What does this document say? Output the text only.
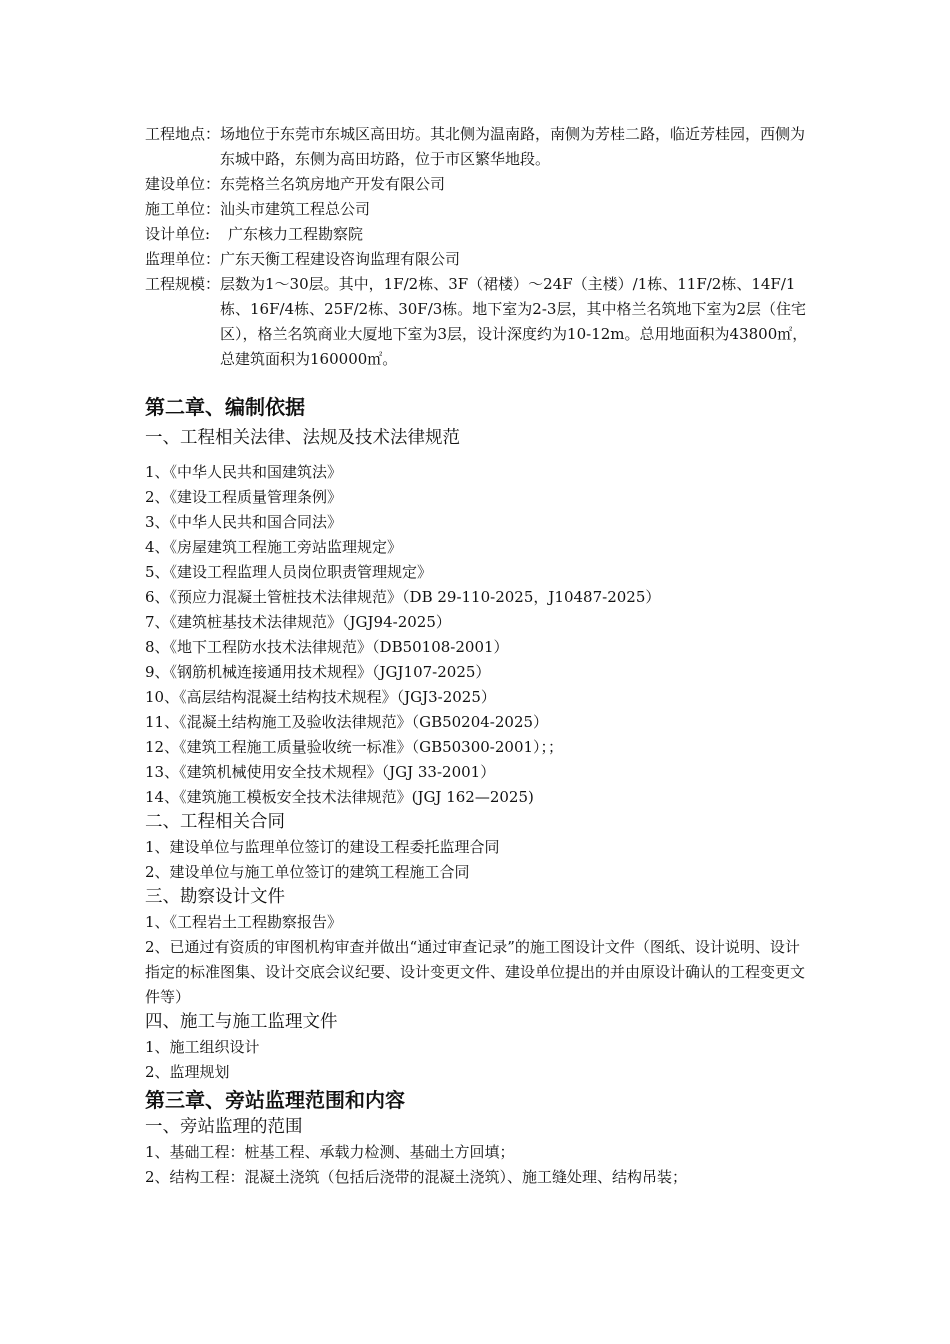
工程地点： 场地位于东莞市东城区高田坊。其北侧为温南路，南侧为芳桂二路，临近芳桂园，西侧为东城中路，东侧为高田坊路，位于市区繁华地段。
建设单位： 东莞格兰名筑房地产开发有限公司
施工单位： 汕头市建筑工程总公司
设计单位:	广东核力工程勘察院
监理单位： 广东天衡工程建设咨询监理有限公司
工程规模： 层数为1～30层。其中，1F/2栋、3F（裙楼）～24F（主楼）/1栋、11F/2栋、14F/1栋、16F/4栋、25F/2栋、30F/3栋。地下室为2-3层，其中格兰名筑地下室为2层（住宅区），格兰名筑商业大厦地下室为3层，设计深度约为10-12m。总用地面积为43800㎡，总建筑面积为160000㎡。
第二章、编制依据
一、工程相关法律、法规及技术法律规范
1、《中华人民共和国建筑法》
2、《建设工程质量管理条例》
3、《中华人民共和国合同法》
4、《房屋建筑工程施工旁站监理规定》
5、《建设工程监理人员岗位职责管理规定》
6、《预应力混凝土管桩技术法律规范》（DB 29-110-2025，J10487-2025）
7、《建筑桩基技术法律规范》（JGJ94-2025）
8、《地下工程防水技术法律规范》（DB50108-2001）
9、《钢筋机械连接通用技术规程》（JGJ107-2025）
10、《高层结构混凝土结构技术规程》（JGJ3-2025）
11、《混凝土结构施工及验收法律规范》（GB50204-2025）
12、《建筑工程施工质量验收统一标准》（GB50300-2001）；；
13、《建筑机械使用安全技术规程》（JGJ 33-2001）
14、《建筑施工模板安全技术法律规范》(JGJ 162—2025)
二、工程相关合同
1、建设单位与监理单位签订的建设工程委托监理合同
2、建设单位与施工单位签订的建筑工程施工合同
三、勘察设计文件
1、《工程岩土工程勘察报告》
2、已通过有资质的审图机构审查并做出“通过审查记录”的施工图设计文件（图纸、设计说明、设计指定的标准图集、设计交底会议纪要、设计变更文件、建设单位提出的并由原设计确认的工程变更文件等）
四、施工与施工监理文件
1、施工组织设计
2、监理规划
第三章、旁站监理范围和内容
一、旁站监理的范围
1、基础工程：桩基工程、承载力检测、基础土方回填；
2、结构工程：混凝土浇筑（包括后浇带的混凝土浇筑）、施工缝处理、结构吊装；
